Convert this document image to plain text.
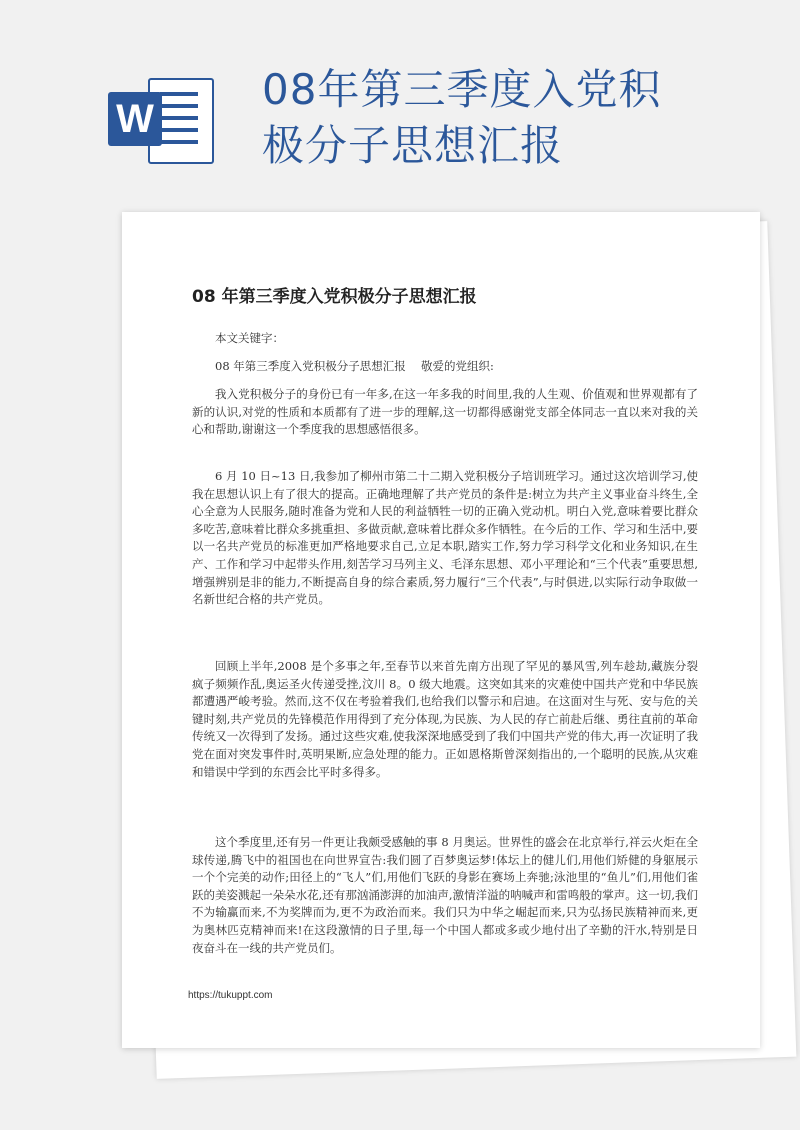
W
08年第三季度入党积
极分子思想汇报
08 年第三季度入党积极分子思想汇报

本文关键字：

08 年第三季度入党积极分子思想汇报　 敬爱的党组织:

我入党积极分子的身份已有一年多,在这一年多我的时间里,我的人生观、价值观和世界观都有了新的认识,对党的性质和本质都有了进一步的理解,这一切都得感谢党支部全体同志一直以来对我的关心和帮助,谢谢这一个季度我的思想感悟很多。

6 月 10 日~13 日,我参加了柳州市第二十二期入党积极分子培训班学习。通过这次培训学习,使我在思想认识上有了很大的提高。正确地理解了共产党员的条件是:树立为共产主义事业奋斗终生,全心全意为人民服务,随时准备为党和人民的利益牺牲一切的正确入党动机。明白入党,意味着要比群众多吃苦,意味着比群众多挑重担、多做贡献,意味着比群众多作牺牲。在今后的工作、学习和生活中,要以一名共产党员的标准更加严格地要求自己,立足本职,踏实工作,努力学习科学文化和业务知识,在生产、工作和学习中起带头作用,刻苦学习马列主义、毛泽东思想、邓小平理论和“三个代表”重要思想,增强辨别是非的能力,不断提高自身的综合素质,努力履行“三个代表”,与时俱进,以实际行动争取做一名新世纪合格的共产党员。

回顾上半年,2008 是个多事之年,至春节以来首先南方出现了罕见的暴风雪,列车趁劫,藏族分裂疯子频频作乱,奥运圣火传递受挫,汶川 8。0 级大地震。这突如其来的灾难使中国共产党和中华民族都遭遇严峻考验。然而,这不仅在考验着我们,也给我们以警示和启迪。在这面对生与死、安与危的关键时刻,共产党员的先锋模范作用得到了充分体现,为民族、为人民的存亡前赴后继、勇往直前的革命传统又一次得到了发扬。通过这些灾难,使我深深地感受到了我们中国共产党的伟大,再一次证明了我党在面对突发事件时,英明果断,应急处理的能力。正如恩格斯曾深刻指出的,一个聪明的民族,从灾难和错误中学到的东西会比平时多得多。

这个季度里,还有另一件更让我颇受感触的事 8 月奥运。世界性的盛会在北京举行,祥云火炬在全球传递,腾飞中的祖国也在向世界宣告:我们圆了百梦奥运梦!体坛上的健儿们,用他们矫健的身躯展示一个个完美的动作;田径上的“飞人”们,用他们飞跃的身影在赛场上奔驰;泳池里的“鱼儿”们,用他们雀跃的美姿溅起一朵朵水花,还有那汹涌澎湃的加油声,激情洋溢的呐喊声和雷鸣般的掌声。这一切,我们不为输赢而来,不为奖牌而为,更不为政治而来。我们只为中华之崛起而来,只为弘扬民族精神而来,更为奥林匹克精神而来!在这段激情的日子里,每一个中国人都或多或少地付出了辛勤的汗水,特别是日夜奋斗在一线的共产党员们。

https://tukuppt.com
